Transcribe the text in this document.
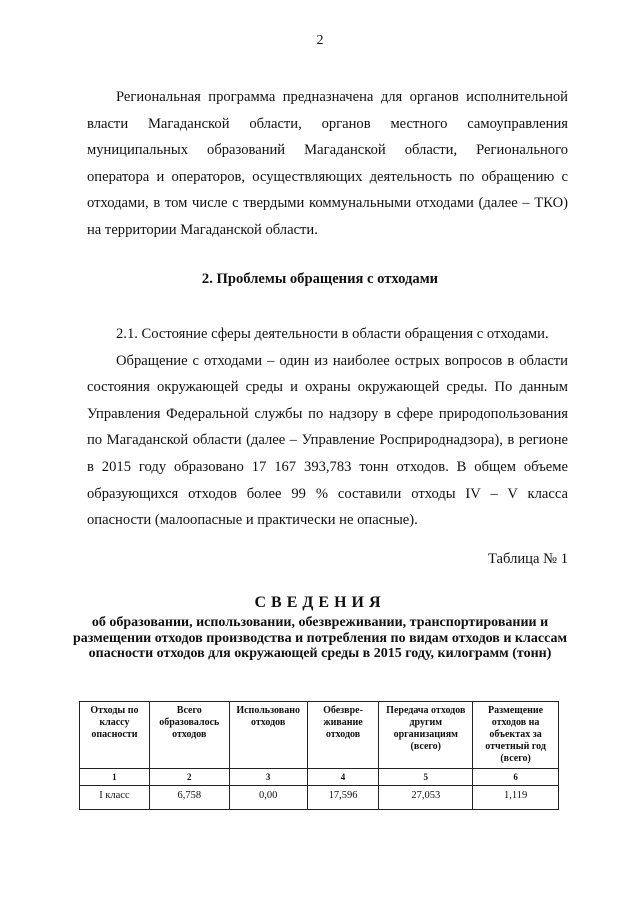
2

Региональная программа предназначена для органов исполнительной власти Магаданской области, органов местного самоуправления муниципальных образований Магаданской области, Регионального оператора и операторов, осуществляющих деятельность по обращению с отходами, в том числе с твердыми коммунальными отходами (далее – ТКО) на территории Магаданской области.

2. Проблемы обращения с отходами

2.1. Состояние сферы деятельности в области обращения с отходами.

Обращение с отходами – один из наиболее острых вопросов в области состояния окружающей среды и охраны окружающей среды. По данным Управления Федеральной службы по надзору в сфере природопользования по Магаданской области (далее – Управление Росприроднадзора), в регионе в 2015 году образовано 17 167 393,783 тонн отходов. В общем объеме образующихся отходов более 99 % составили отходы IV – V класса опасности (малоопасные и практически не опасные).

Таблица № 1
СВЕДЕНИЯ
об образовании, использовании, обезвреживании, транспортировании и размещении отходов производства и потребления по видам отходов и классам опасности отходов для окружающей среды в 2015 году, килограмм (тонн)
Отходы по классу опасности	Всего образовалось отходов	Использовано отходов	Обезвре-живание отходов	Передача отходов другим организациям (всего)	Размещение отходов на объектах за отчетный год (всего)
1	2	3	4	5	6
I класс	6,758	0,00	17,596	27,053	1,119
